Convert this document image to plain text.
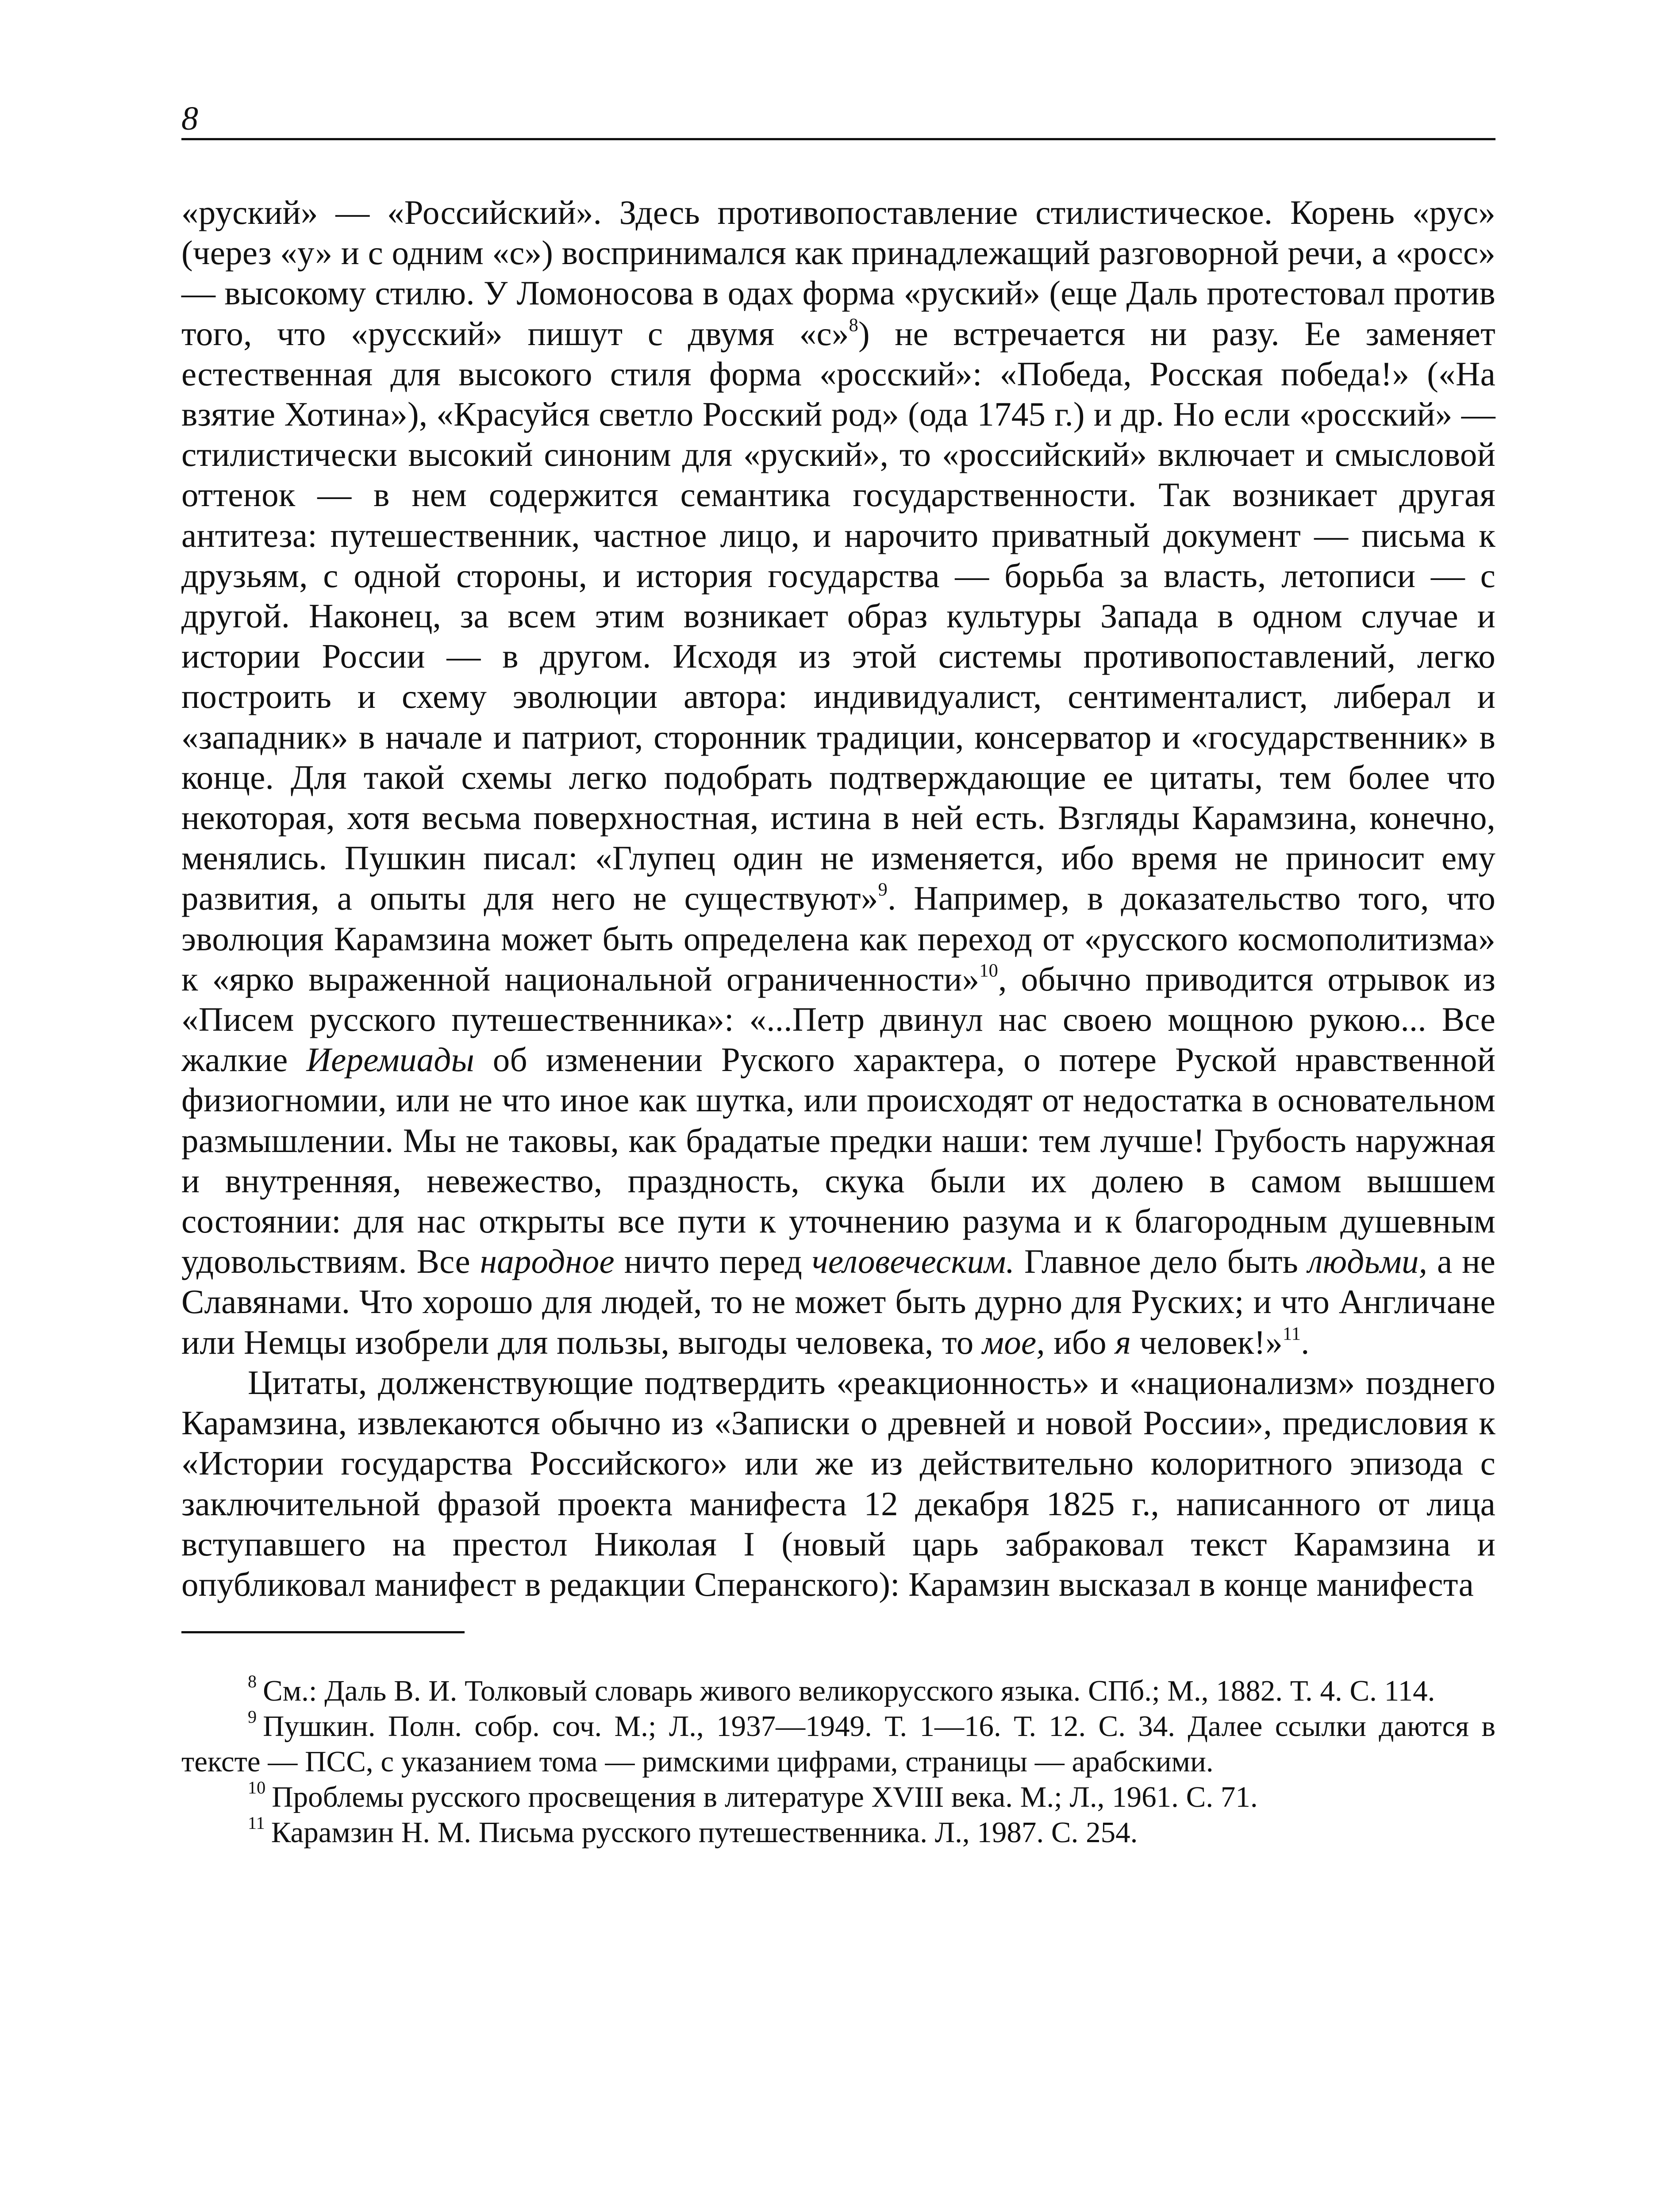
8

«руский» — «Российский». Здесь противопоставление стилистическое. Корень «рус» (через «у» и с одним «с») воспринимался как принадлежащий разговорной речи, а «росс» — высокому стилю. У Ломоносова в одах форма «руский» (еще Даль протестовал против того, что «русский» пишут с двумя «с»$^8$) не встречается ни разу. Ее заменяет естественная для высокого стиля форма «росский»: «Победа, Росская победа!» («На взятие Хотина»), «Красуйся светло Росский род» (ода 1745 г.) и др. Но если «росский» — стилистически высокий синоним для «руский», то «российский» включает и смысловой оттенок — в нем содержится семантика государственности. Так возникает другая антитеза: путешественник, частное лицо, и нарочито приватный документ — письма к друзьям, с одной стороны, и история государства — борьба за власть, летописи — с другой. Наконец, за всем этим возникает образ культуры Запада в одном случае и истории России — в другом. Исходя из этой системы противопоставлений, легко построить и схему эволюции автора: индивидуалист, сентименталист, либерал и «западник» в начале и патриот, сторонник традиции, консерватор и «государственник» в конце. Для такой схемы легко подобрать подтверждающие ее цитаты, тем более что некоторая, хотя весьма поверхностная, истина в ней есть. Взгляды Карамзина, конечно, менялись. Пушкин писал: «Глупец один не изменяется, ибо время не приносит ему развития, а опыты для него не существуют»$^9$. Например, в доказательство того, что эволюция Карамзина может быть определена как переход от «русского космополитизма» к «ярко выраженной национальной ограниченности»$^{10}$, обычно приводится отрывок из «Писем русского путешественника»: «...Петр двинул нас своею мощною рукою... Все жалкие Иеремиады об изменении Руского характера, о потере Руской нравственной физиогномии, или не что иное как шутка, или происходят от недостатка в основательном размышлении. Мы не таковы, как брадатые предки наши: тем лучше! Грубость наружная и внутренняя, невежество, праздность, скука были их долею в самом вышшем состоянии: для нас открыты все пути к уточнению разума и к благородным душевным удовольствиям. Все народное ничто перед человеческим. Главное дело быть людьми, а не Славянами. Что хорошо для людей, то не может быть дурно для Руских; и что Англичане или Немцы изобрели для пользы, выгоды человека, то мое, ибо я человек!»$^{11}$.

Цитаты, долженствующие подтвердить «реакционность» и «национализм» позднего Карамзина, извлекаются обычно из «Записки о древней и новой России», предисловия к «Истории государства Российского» или же из действительно колоритного эпизода с заключительной фразой проекта манифеста 12 декабря 1825 г., написанного от лица вступавшего на престол Николая I (новый царь забраковал текст Карамзина и опубликовал манифест в редакции Сперанского): Карамзин высказал в конце манифеста

$^8$ См.: Даль В. И. Толковый словарь живого великорусского языка. СПб.; М., 1882. Т. 4. С. 114.

$^9$ Пушкин. Полн. собр. соч. М.; Л., 1937—1949. Т. 1—16. Т. 12. С. 34. Далее ссылки даются в тексте — ПСС, с указанием тома — римскими цифрами, страницы — арабскими.

$^{10}$ Проблемы русского просвещения в литературе XVIII века. М.; Л., 1961. С. 71.

$^{11}$ Карамзин Н. М. Письма русского путешественника. Л., 1987. С. 254.
